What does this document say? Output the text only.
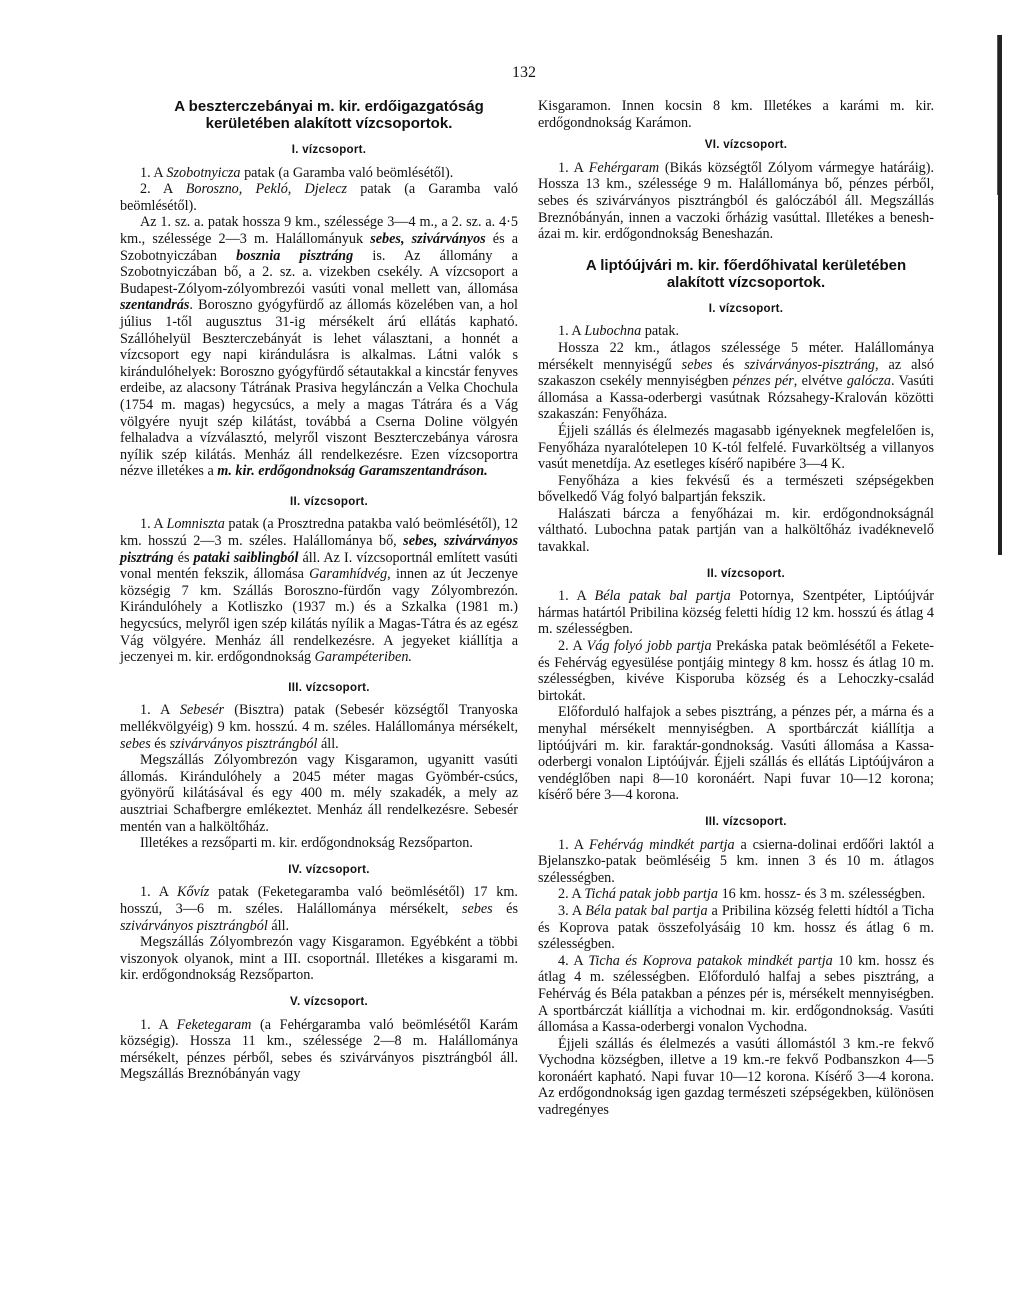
132

A beszterczebányai m. kir. erdőigazgatóság

kerületében alakított vízcsoportok.

I. vízcsoport.

1. A Szobotnyicza patak (a Garamba való beömlésétől).

2. A Boroszno, Pekló, Djelecz patak (a Garamba való beömlésétől).

Az 1. sz. a. patak hossza 9 km., szélessége 3—4 m., a 2. sz. a. 4·5 km., szélessége 2—3 m. Halállományuk sebes, szivárványos és a Szobotnyiczában bosznia pisztráng is. Az állomány a Szobotnyiczában bő, a 2. sz. a. vizekben csekély. A vízcsoport a Budapest-Zólyom-zólyombrezói vasúti vonal mellett van, állomása szentandrás. Boroszno gyógyfürdő az állomás közelében van, a hol július 1-től augusztus 31-ig mérsékelt árú ellátás kapható. Szállóhelyül Beszterczebányát is lehet választani, a honnét a vízcsoport egy napi kirándulásra is alkalmas. Látni valók s kirándulóhelyek: Boroszno gyógyfürdő sétautakkal a kincstár fenyves erdeibe, az alacsony Tátrának Prasiva hegylánczán a Velka Chochula (1754 m. magas) hegycsúcs, a mely a magas Tátrára és a Vág völgyére nyujt szép kilátást, továbbá a Cserna Doline völgyén felhaladva a vízválasztó, melyről viszont Beszterczebánya városra nyílik szép kilátás. Menház áll rendelkezésre. Ezen vízcsoportra nézve illetékes a m. kir. erdőgondnokság Garamszentandráson.

II. vízcsoport.

1. A Lomniszta patak (a Prosztredna patakba való beömlésétől), 12 km. hosszú 2—3 m. széles. Halállománya bő, sebes, szivárványos pisztráng és pataki saiblingból áll. Az I. vízcsoportnál említett vasúti vonal mentén fekszik, állomása Garamhídvég, innen az út Jeczenye községig 7 km. Szállás Boroszno-fürdőn vagy Zólyombrezón. Kirándulóhely a Kotliszko (1937 m.) és a Szkalka (1981 m.) hegycsúcs, melyről igen szép kilátás nyílik a Magas-Tátra és az egész Vág völgyére. Menház áll rendelkezésre. A jegyeket kiállítja a jeczenyei m. kir. erdőgondnokság Garampéteriben.

III. vízcsoport.

1. A Sebesér (Bisztra) patak (Sebesér községtől Tranyoska mellékvölgyéig) 9 km. hosszú. 4 m. széles. Halállománya mérsékelt, sebes és szivárványos pisztrángból áll.

Megszállás Zólyombrezón vagy Kisgaramon, ugyanitt vasúti állomás. Kirándulóhely a 2045 méter magas Gyömbér-csúcs, gyönyörű kilátásával és egy 400 m. mély szakadék, a mely az ausztriai Schafbergre emlékeztet. Menház áll rendelkezésre. Sebesér mentén van a halköltőház.

Illetékes a rezsőparti m. kir. erdőgondnokság Rezsőparton.

IV. vízcsoport.

1. A Kővíz patak (Feketegaramba való beömlésétől) 17 km. hosszú, 3—6 m. széles. Halállománya mérsékelt, sebes és szivárványos pisztrángból áll.

Megszállás Zólyombrezón vagy Kisgaramon. Egyébként a többi viszonyok olyanok, mint a III. csoportnál. Illetékes a kisgarami m. kir. erdőgondnokság Rezsőparton.

V. vízcsoport.

1. A Feketegaram (a Fehérgaramba való beömlésétől Karám községig). Hossza 11 km., szélessége 2—8 m. Halállománya mérsékelt, pénzes pérből, sebes és szivárványos pisztrángból áll. Megszállás Breznóbányán vagy

Kisgaramon. Innen kocsin 8 km. Illetékes a karámi m. kir. erdőgondnokság Karámon.

VI. vízcsoport.

1. A Fehérgaram (Bikás községtől Zólyom vármegye határáig). Hossza 13 km., szélessége 9 m. Halállománya bő, pénzes pérből, sebes és szivárványos pisztrángból és galóczából áll. Megszállás Breznóbányán, innen a vaczoki őrházig vasúttal. Illetékes a benesh-ázai m. kir. erdőgondnokság Beneshazán.

A liptóújvári m. kir. főerdőhivatal kerületében

alakított vízcsoportok.

I. vízcsoport.

1. A Lubochna patak.

Hossza 22 km., átlagos szélessége 5 méter. Halállománya mérsékelt mennyiségű sebes és szivárványos-pisztráng, az alsó szakaszon csekély mennyiségben pénzes pér, elvétve galócza. Vasúti állomása a Kassa-oderbergi vasútnak Rózsahegy-Kralován közötti szakaszán: Fenyőháza.

Éjjeli szállás és élelmezés magasabb igényeknek megfelelően is, Fenyőháza nyaralótelepen 10 K-tól felfelé. Fuvarköltség a villanyos vasút menetdíja. Az esetleges kísérő napibére 3—4 K.

Fenyőháza a kies fekvésű és a természeti szépségekben bővelkedő Vág folyó balpartján fekszik.

Halászati bárcza a fenyőházai m. kir. erdőgondnokságnál váltható. Lubochna patak partján van a halköltőház ivadéknevelő tavakkal.

II. vízcsoport.

1. A Béla patak bal partja Potornya, Szentpéter, Liptóújvár hármas határtól Pribilina község feletti hídig 12 km. hosszú és átlag 4 m. szélességben.

2. A Vág folyó jobb partja Prekáska patak beömlésétől a Fekete- és Fehérvág egyesülése pontjáig mintegy 8 km. hossz és átlag 10 m. szélességben, kivéve Kisporuba község és a Lehoczky-család birtokát.

Előforduló halfajok a sebes pisztráng, a pénzes pér, a márna és a menyhal mérsékelt mennyiségben. A sportbárczát kiállítja a liptóújvári m. kir. faraktár-gondnokság. Vasúti állomása a Kassa-oderbergi vonalon Liptóújvár. Éjjeli szállás és ellátás Liptóújváron a vendéglőben napi 8—10 koronáért. Napi fuvar 10—12 korona; kísérő bére 3—4 korona.

III. vízcsoport.

1. A Fehérvág mindkét partja a csierna-dolinai erdőőri laktól a Bjelanszko-patak beömléséig 5 km. innen 3 és 10 m. átlagos szélességben.

2. A Tichá patak jobb partja 16 km. hossz- és 3 m. szélességben.

3. A Béla patak bal partja a Pribilina község feletti hídtól a Ticha és Koprova patak összefolyásáig 10 km. hossz és átlag 6 m. szélességben.

4. A Ticha és Koprova patakok mindkét partja 10 km. hossz és átlag 4 m. szélességben. Előforduló halfaj a sebes pisztráng, a Fehérvág és Béla patakban a pénzes pér is, mérsékelt mennyiségben. A sportbárczát kiállítja a vichodnai m. kir. erdőgondnokság. Vasúti állomása a Kassa-oderbergi vonalon Vychodna.

Éjjeli szállás és élelmezés a vasúti állomástól 3 km.-re fekvő Vychodna községben, illetve a 19 km.-re fekvő Podbanszkon 4—5 koronáért kapható. Napi fuvar 10—12 korona. Kísérő 3—4 korona. Az erdőgondnokság igen gazdag természeti szépségekben, különösen vadregényes
